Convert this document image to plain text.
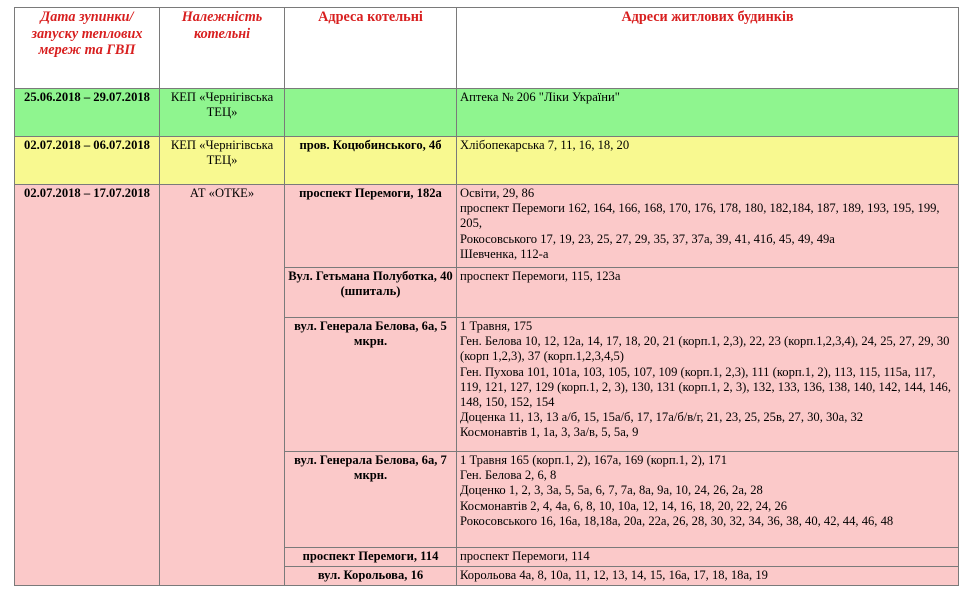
Дата зупинки/запуску теплових мереж та ГВП	Належність котельні	Адреса котельні	Адреси житлових будинків
25.06.2018 – 29.07.2018	КЕП «Чернігівська ТЕЦ»		Аптека № 206 "Ліки України"

02.07.2018 – 06.07.2018	КЕП «Чернігівська ТЕЦ»	пров. Коцюбинського, 4б	Хлібопекарська 7, 11, 16, 18, 20

02.07.2018 – 17.07.2018	АТ «ОТКЕ»	проспект Перемоги, 182а	Освіти, 29, 86
проспект Перемоги 162, 164, 166, 168, 170, 176, 178, 180, 182,184, 187, 189, 193, 195, 199, 205,
Рокосовського 17, 19, 23, 25, 27, 29, 35, 37, 37а, 39, 41, 41б, 45, 49, 49а
Шевченка, 112-а

		Вул. Гетьмана Полуботка, 40 (шпиталь)	проспект Перемоги, 115, 123а

		вул. Генерала Белова, 6а, 5 мкрн.	1 Травня, 175
Ген. Белова 10, 12, 12а, 14, 17, 18, 20, 21 (корп.1, 2,3), 22, 23 (корп.1,2,3,4), 24, 25, 27, 29, 30 (корп 1,2,3), 37 (корп.1,2,3,4,5)
Ген. Пухова 101, 101а, 103, 105, 107, 109 (корп.1, 2,3), 111 (корп.1, 2), 113, 115, 115а, 117, 119, 121, 127, 129 (корп.1, 2, 3), 130, 131 (корп.1, 2, 3), 132, 133, 136, 138, 140, 142, 144, 146, 148, 150, 152, 154
Доценка 11, 13, 13 а/б, 15, 15а/б, 17, 17а/б/в/г, 21, 23, 25, 25в, 27, 30, 30а, 32
Космонавтів 1, 1а, 3, 3а/в, 5, 5а, 9

		вул. Генерала Белова, 6а, 7 мкрн.	1 Травня 165 (корп.1, 2), 167а, 169 (корп.1, 2), 171
Ген. Белова 2, 6, 8
Доценко 1, 2, 3, 3а, 5, 5а, 6, 7, 7а, 8а, 9а, 10, 24, 26, 2а, 28
Космонавтів 2, 4, 4а, 6, 8, 10, 10а, 12, 14, 16, 18, 20, 22, 24, 26
Рокосовського 16, 16а, 18,18а, 20а, 22а, 26, 28, 30, 32, 34, 36, 38, 40, 42, 44, 46, 48

		проспект Перемоги, 114	проспект Перемоги, 114

		вул. Корольова, 16	Корольова 4а, 8, 10а, 11, 12, 13, 14, 15, 16а, 17, 18, 18а, 19
